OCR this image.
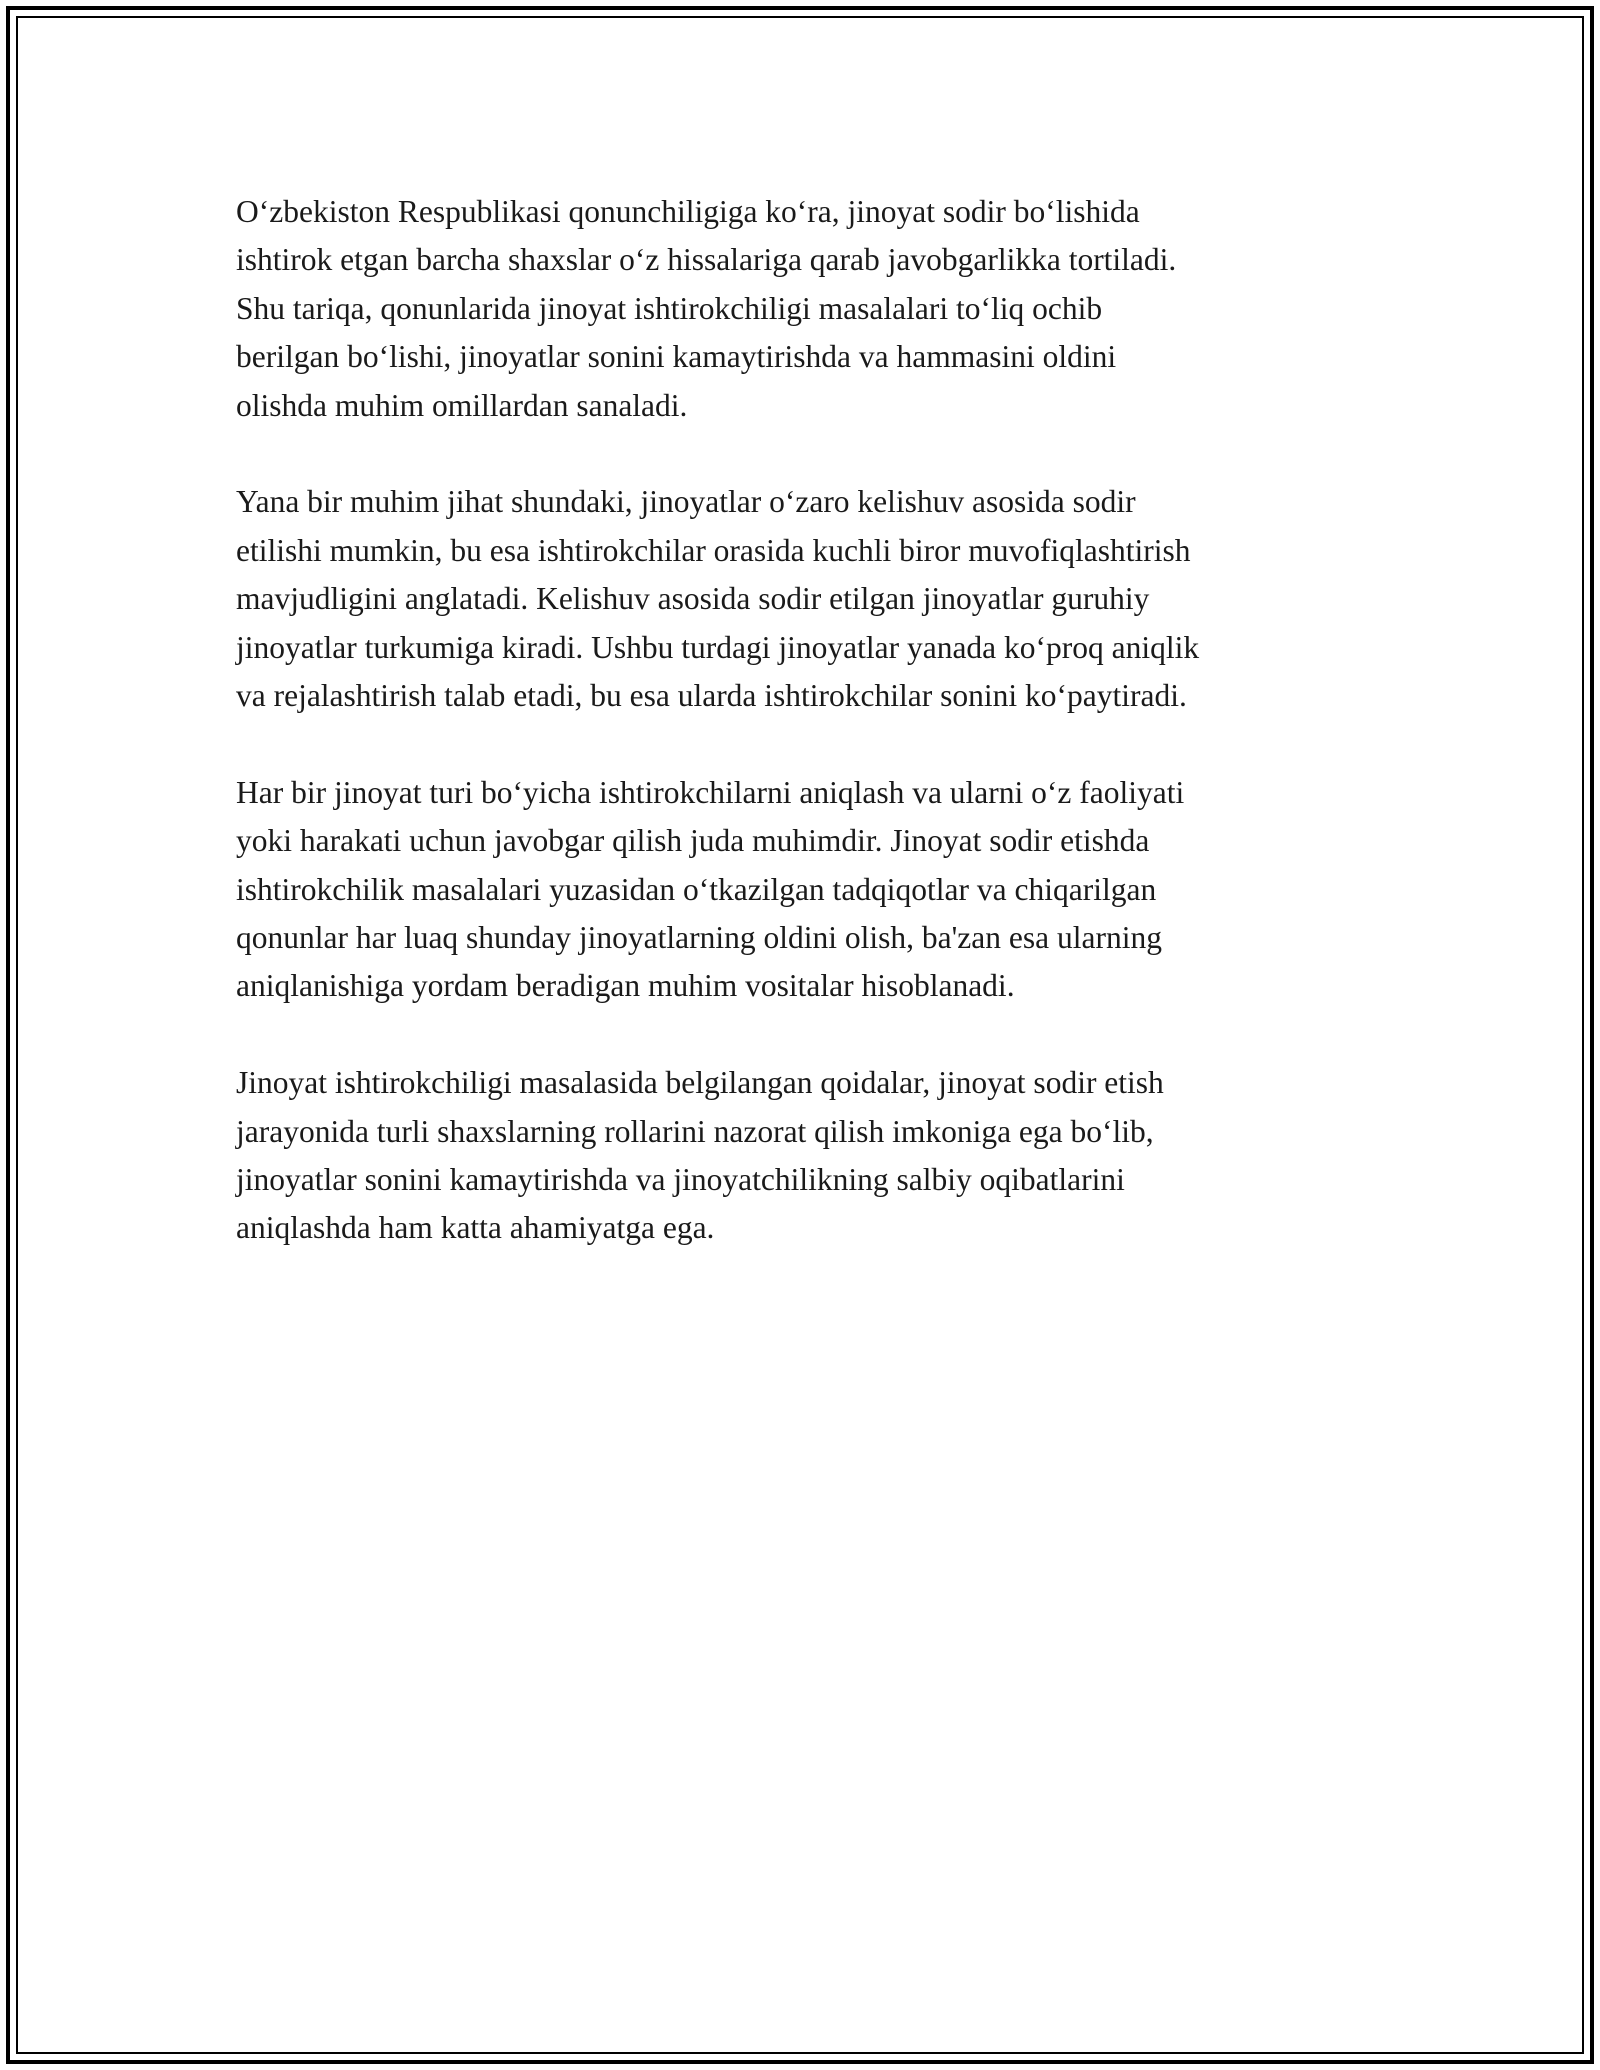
O‘zbekiston Respublikasi qonunchiligiga ko‘ra, jinoyat sodir bo‘lishida
ishtirok etgan barcha shaxslar o‘z hissalariga qarab javobgarlikka tortiladi.
Shu tariqa, qonunlarida jinoyat ishtirokchiligi masalalari to‘liq ochib
berilgan bo‘lishi, jinoyatlar sonini kamaytirishda va hammasini oldini
olishda muhim omillardan sanaladi.

Yana bir muhim jihat shundaki, jinoyatlar o‘zaro kelishuv asosida sodir
etilishi mumkin, bu esa ishtirokchilar orasida kuchli biror muvofiqlashtirish
mavjudligini anglatadi. Kelishuv asosida sodir etilgan jinoyatlar guruhiy
jinoyatlar turkumiga kiradi. Ushbu turdagi jinoyatlar yanada ko‘proq aniqlik
va rejalashtirish talab etadi, bu esa ularda ishtirokchilar sonini ko‘paytiradi.

Har bir jinoyat turi bo‘yicha ishtirokchilarni aniqlash va ularni o‘z faoliyati
yoki harakati uchun javobgar qilish juda muhimdir. Jinoyat sodir etishda
ishtirokchilik masalalari yuzasidan o‘tkazilgan tadqiqotlar va chiqarilgan
qonunlar har luaq shunday jinoyatlarning oldini olish, ba'zan esa ularning
aniqlanishiga yordam beradigan muhim vositalar hisoblanadi.

Jinoyat ishtirokchiligi masalasida belgilangan qoidalar, jinoyat sodir etish
jarayonida turli shaxslarning rollarini nazorat qilish imkoniga ega bo‘lib,
jinoyatlar sonini kamaytirishda va jinoyatchilikning salbiy oqibatlarini
aniqlashda ham katta ahamiyatga ega.
